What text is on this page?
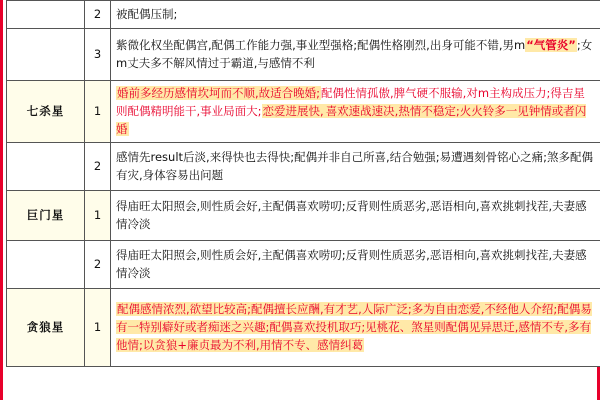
	2	被配偶压制;
	3	紫微化权坐配偶宫,配偶工作能力强,事业型强格;配偶性格刚烈,出身可能不错,男m“气管炎”;女m丈夫多不解风情过于霸道,与感情不利
七杀星	1	婚前多经历感情坎坷而不顺,故适合晚婚;配偶性情孤傲,脾气硬不服输,对m主构成压力;得吉星则配偶精明能干,事业局面大;恋爱进展快, 喜欢速战速决,热情不稳定;火火铃多一见钟情或者闪婚
	2	感情先result后淡,来得快也去得快;配偶并非自己所喜,结合勉强;易遭遇刻骨铭心之痛;煞多配偶有灾,身体容易出问题
巨门星	1	得庙旺太阳照会,则性质会好,主配偶喜欢唠叨;反背则性质恶劣,恶语相向,喜欢挑刺找茬,夫妻感情冷淡
	2	得庙旺太阳照会,则性质会好,主配偶喜欢唠叨;反背则性质恶劣,恶语相向,喜欢挑刺找茬,夫妻感情冷淡
贪狼星	1	配偶感情浓烈,欲望比较高;配偶擅长应酬,有才艺,人际广泛;多为自由恋爱,不经他人介绍;配偶易有一特别癖好或者痴迷之兴趣;配偶喜欢投机取巧;见桃花、煞星则配偶见异思迁,感情不专,多有他情;以贪狼+廉贞最为不利,用情不专、感情纠葛
